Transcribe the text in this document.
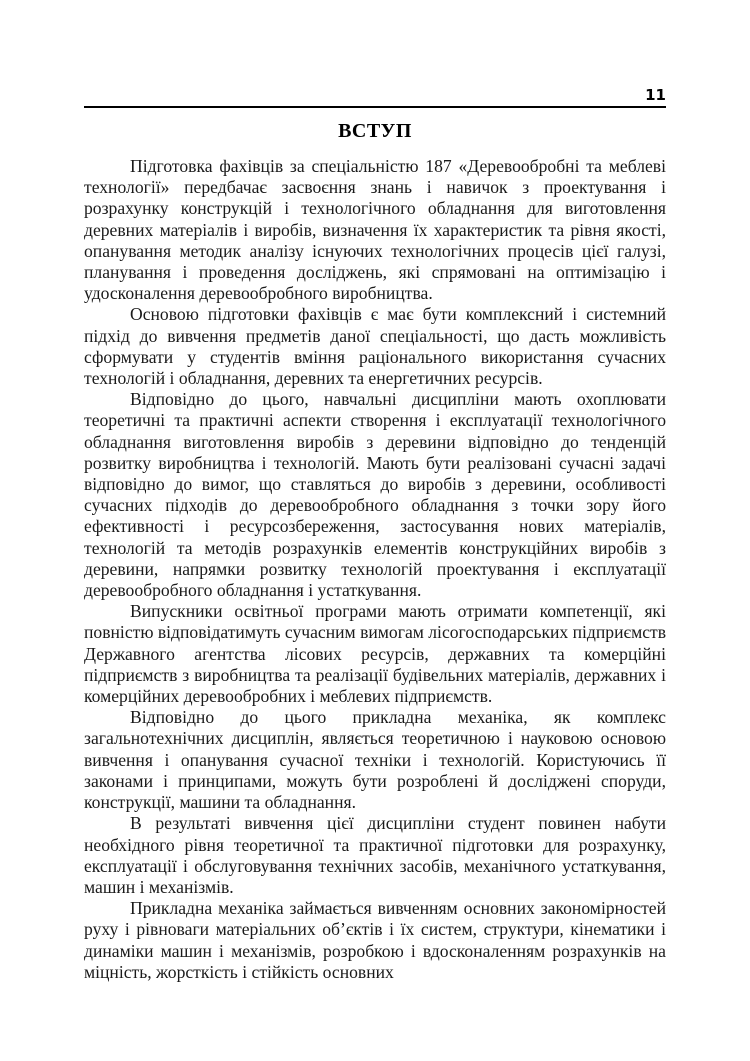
11
ВСТУП

Підготовка фахівців за спеціальністю 187 «Деревообробні та меблеві технології» передбачає засвоєння знань і навичок з проектування і розрахунку конструкцій і технологічного обладнання для виготовлення деревних матеріалів і виробів, визначення їх характеристик та рівня якості, опанування методик аналізу існуючих технологічних процесів цієї галузі, планування і проведення досліджень, які спрямовані на оптимізацію і удосконалення деревообробного виробництва.

Основою підготовки фахівців є має бути комплексний і системний підхід до вивчення предметів даної спеціальності, що дасть можливість сформувати у студентів вміння раціонального використання сучасних технологій і обладнання, деревних та енергетичних ресурсів.

Відповідно до цього, навчальні дисципліни мають охоплювати теоретичні та практичні аспекти створення і експлуатації технологічного обладнання виготовлення виробів з деревини відповідно до тенденцій розвитку виробництва і технологій. Мають бути реалізовані сучасні задачі відповідно до вимог, що ставляться до виробів з деревини, особливості сучасних підходів до деревообробного обладнання з точки зору його ефективності і ресурсозбереження, застосування нових матеріалів, технологій та методів розрахунків елементів конструкційних виробів з деревини, напрямки розвитку технологій проектування і експлуатації деревообробного обладнання і устаткування.

Випускники освітньої програми мають отримати компетенції, які повністю відповідатимуть сучасним вимогам лісогосподарських підприємств Державного агентства лісових ресурсів, державних та комерційні підприємств з виробництва та реалізації будівельних матеріалів, державних і комерційних деревообробних і меблевих підприємств.

Відповідно до цього прикладна механіка, як комплекс загальнотехнічних дисциплін, являється теоретичною і науковою основою вивчення і опанування сучасної техніки і технологій. Користуючись її законами і принципами, можуть бути розроблені й досліджені споруди, конструкції, машини та обладнання.

В результаті вивчення цієї дисципліни студент повинен набути необхідного рівня теоретичної та практичної підготовки для розрахунку, експлуатації і обслуговування технічних засобів, механічного устаткування, машин і механізмів.

Прикладна механіка займається вивченням основних закономірностей руху і рівноваги матеріальних об’єктів і їх систем, структури, кінематики і динаміки машин і механізмів, розробкою і вдосконаленням розрахунків на міцність, жорсткість і стійкість основних
